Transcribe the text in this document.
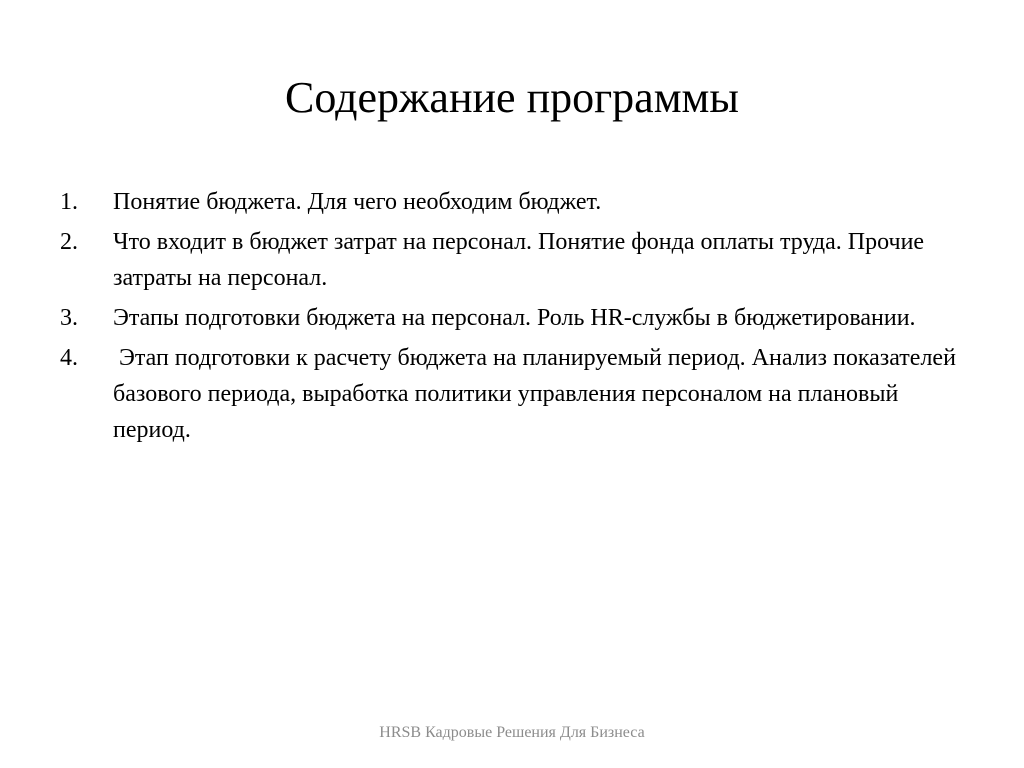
Содержание программы
1.	Понятие бюджета. Для чего необходим бюджет.
2.	Что входит в бюджет затрат на персонал. Понятие фонда оплаты труда. Прочие затраты на персонал.
3.	Этапы подготовки бюджета на персонал. Роль HR-службы в бюджетировании.
4.	Этап подготовки к расчету бюджета на планируемый период. Анализ показателей базового периода, выработка политики управления персоналом на плановый период.
HRSB Кадровые Решения Для Бизнеса
